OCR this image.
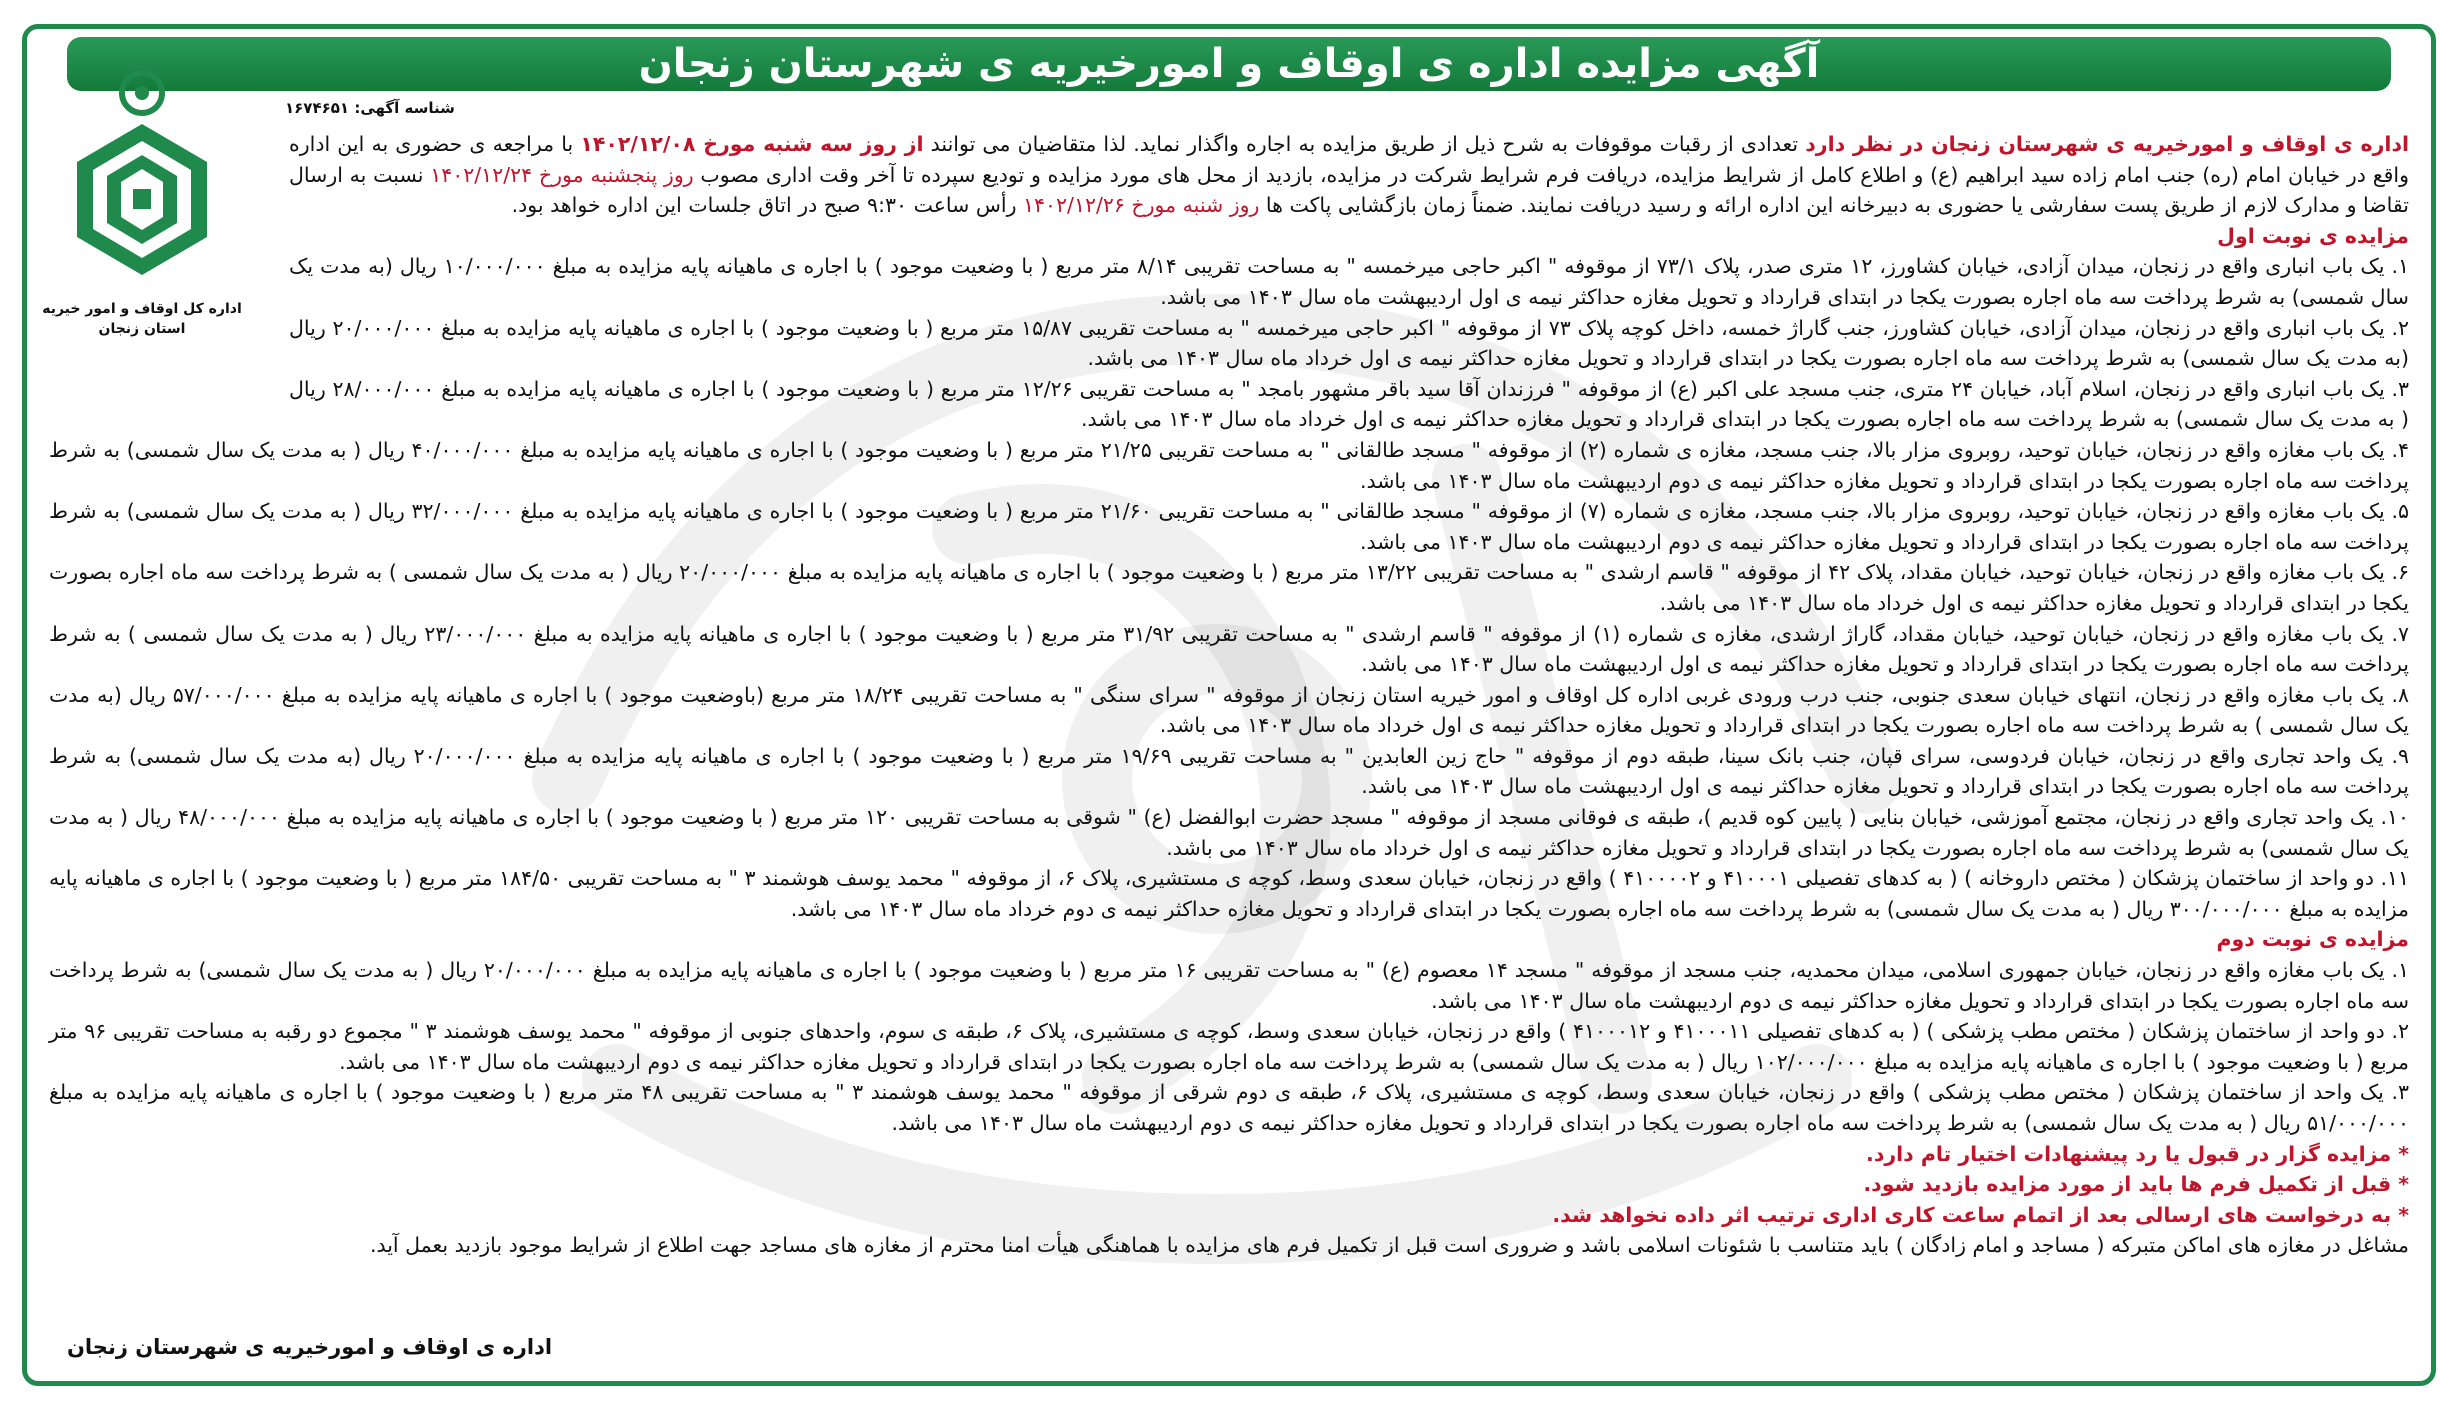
آگهی مزایده اداره ی اوقاف و امورخیریه ی شهرستان زنجان
شناسه آگهی: ۱۶۷۴۶۵۱
اداره کل اوقاف و امور خیریه
استان زنجان

اداره ی اوقاف و امورخیریه ی شهرستان زنجان در نظر دارد تعدادی از رقبات موقوفات به شرح ذیل از طریق مزایده به اجاره واگذار نماید. لذا متقاضیان می توانند از روز سه شنبه مورخ ۱۴۰۲/۱۲/۰۸ با مراجعه ی حضوری به این اداره واقع در خیابان امام (ره) جنب امام زاده سید ابراهیم (ع) و اطلاع کامل از شرایط مزایده، دریافت فرم شرایط شرکت در مزایده، بازدید از محل های مورد مزایده و تودیع سپرده تا آخر وقت اداری مصوب روز پنجشنبه مورخ ۱۴۰۲/۱۲/۲۴ نسبت به ارسال تقاضا و مدارک لازم از طریق پست سفارشی یا حضوری به دبیرخانه این اداره ارائه و رسید دریافت نمایند. ضمناً زمان بازگشایی پاکت ها روز شنبه مورخ ۱۴۰۲/۱۲/۲۶ رأس ساعت ۹:۳۰ صبح در اتاق جلسات این اداره خواهد بود.

مزایده ی نوبت اول

۱. یک باب انباری واقع در زنجان، میدان آزادی، خیابان کشاورز، ۱۲ متری صدر، پلاک ۷۳/۱ از موقوفه " اکبر حاجی میرخمسه " به مساحت تقریبی ۸/۱۴ متر مربع ( با وضعیت موجود ) با اجاره ی ماهیانه پایه مزایده به مبلغ ۱۰/۰۰۰/۰۰۰ ریال (به مدت یک سال شمسی) به شرط پرداخت سه ماه اجاره بصورت یکجا در ابتدای قرارداد و تحویل مغازه حداکثر نیمه ی اول اردیبهشت ماه سال ۱۴۰۳ می باشد.

۲. یک باب انباری واقع در زنجان، میدان آزادی، خیابان کشاورز، جنب گاراژ خمسه، داخل کوچه پلاک ۷۳ از موقوفه " اکبر حاجی میرخمسه " به مساحت تقریبی ۱۵/۸۷ متر مربع ( با وضعیت موجود ) با اجاره ی ماهیانه پایه مزایده به مبلغ ۲۰/۰۰۰/۰۰۰ ریال (به مدت یک سال شمسی) به شرط پرداخت سه ماه اجاره بصورت یکجا در ابتدای قرارداد و تحویل مغازه حداکثر نیمه ی اول خرداد ماه سال ۱۴۰۳ می باشد.

۳. یک باب انباری واقع در زنجان، اسلام آباد، خیابان ۲۴ متری، جنب مسجد علی اکبر (ع) از موقوفه " فرزندان آقا سید باقر مشهور بامجد " به مساحت تقریبی ۱۲/۲۶ متر مربع ( با وضعیت موجود ) با اجاره ی ماهیانه پایه مزایده به مبلغ ۲۸/۰۰۰/۰۰۰ ریال ( به مدت یک سال شمسی) به شرط پرداخت سه ماه اجاره بصورت یکجا در ابتدای قرارداد و تحویل مغازه حداکثر نیمه ی اول خرداد ماه سال ۱۴۰۳ می باشد.

۴. یک باب مغازه واقع در زنجان، خیابان توحید، روبروی مزار بالا، جنب مسجد، مغازه ی شماره (۲) از موقوفه " مسجد طالقانی " به مساحت تقریبی ۲۱/۲۵ متر مربع ( با وضعیت موجود ) با اجاره ی ماهیانه پایه مزایده به مبلغ ۴۰/۰۰۰/۰۰۰ ریال ( به مدت یک سال شمسی) به شرط پرداخت سه ماه اجاره بصورت یکجا در ابتدای قرارداد و تحویل مغازه حداکثر نیمه ی دوم اردیبهشت ماه سال ۱۴۰۳ می باشد.

۵. یک باب مغازه واقع در زنجان، خیابان توحید، روبروی مزار بالا، جنب مسجد، مغازه ی شماره (۷) از موقوفه " مسجد طالقانی " به مساحت تقریبی ۲۱/۶۰ متر مربع ( با وضعیت موجود ) با اجاره ی ماهیانه پایه مزایده به مبلغ ۳۲/۰۰۰/۰۰۰ ریال ( به مدت یک سال شمسی) به شرط پرداخت سه ماه اجاره بصورت یکجا در ابتدای قرارداد و تحویل مغازه حداکثر نیمه ی دوم اردیبهشت ماه سال ۱۴۰۳ می باشد.

۶. یک باب مغازه واقع در زنجان، خیابان توحید، خیابان مقداد، پلاک ۴۲ از موقوفه " قاسم ارشدی " به مساحت تقریبی ۱۳/۲۲ متر مربع ( با وضعیت موجود ) با اجاره ی ماهیانه پایه مزایده به مبلغ ۲۰/۰۰۰/۰۰۰ ریال ( به مدت یک سال شمسی ) به شرط پرداخت سه ماه اجاره بصورت یکجا در ابتدای قرارداد و تحویل مغازه حداکثر نیمه ی اول خرداد ماه سال ۱۴۰۳ می باشد.

۷. یک باب مغازه واقع در زنجان، خیابان توحید، خیابان مقداد، گاراژ ارشدی، مغازه ی شماره (۱) از موقوفه " قاسم ارشدی " به مساحت تقریبی ۳۱/۹۲ متر مربع ( با وضعیت موجود ) با اجاره ی ماهیانه پایه مزایده به مبلغ ۲۳/۰۰۰/۰۰۰ ریال ( به مدت یک سال شمسی ) به شرط پرداخت سه ماه اجاره بصورت یکجا در ابتدای قرارداد و تحویل مغازه حداکثر نیمه ی اول اردیبهشت ماه سال ۱۴۰۳ می باشد.

۸. یک باب مغازه واقع در زنجان، انتهای خیابان سعدی جنوبی، جنب درب ورودی غربی اداره کل اوقاف و امور خیریه استان زنجان از موقوفه " سرای سنگی " به مساحت تقریبی ۱۸/۲۴ متر مربع (باوضعیت موجود ) با اجاره ی ماهیانه پایه مزایده به مبلغ ۵۷/۰۰۰/۰۰۰ ریال (به مدت یک سال شمسی ) به شرط پرداخت سه ماه اجاره بصورت یکجا در ابتدای قرارداد و تحویل مغازه حداکثر نیمه ی اول خرداد ماه سال ۱۴۰۳ می باشد.

۹. یک واحد تجاری واقع در زنجان، خیابان فردوسی، سرای قپان، جنب بانک سینا، طبقه دوم از موقوفه " حاج زین العابدین " به مساحت تقریبی ۱۹/۶۹ متر مربع ( با وضعیت موجود ) با اجاره ی ماهیانه پایه مزایده به مبلغ ۲۰/۰۰۰/۰۰۰ ریال (به مدت یک سال شمسی) به شرط پرداخت سه ماه اجاره بصورت یکجا در ابتدای قرارداد و تحویل مغازه حداکثر نیمه ی اول اردیبهشت ماه سال ۱۴۰۳ می باشد.

۱۰. یک واحد تجاری واقع در زنجان، مجتمع آموزشی، خیابان بنایی ( پایین کوه قدیم )، طبقه ی فوقانی مسجد از موقوفه " مسجد حضرت ابوالفضل (ع) " شوقی به مساحت تقریبی ۱۲۰ متر مربع ( با وضعیت موجود ) با اجاره ی ماهیانه پایه مزایده به مبلغ ۴۸/۰۰۰/۰۰۰ ریال ( به مدت یک سال شمسی) به شرط پرداخت سه ماه اجاره بصورت یکجا در ابتدای قرارداد و تحویل مغازه حداکثر نیمه ی اول خرداد ماه سال ۱۴۰۳ می باشد.

۱۱. دو واحد از ساختمان پزشکان ( مختص داروخانه ) ( به کدهای تفصیلی ۴۱۰۰۰۱ و ۴۱۰۰۰۰۲ ) واقع در زنجان، خیابان سعدی وسط، کوچه ی مستشیری، پلاک ۶، از موقوفه " محمد یوسف هوشمند ۳ " به مساحت تقریبی ۱۸۴/۵۰ متر مربع ( با وضعیت موجود ) با اجاره ی ماهیانه پایه مزایده به مبلغ ۳۰۰/۰۰۰/۰۰۰ ریال ( به مدت یک سال شمسی) به شرط پرداخت سه ماه اجاره بصورت یکجا در ابتدای قرارداد و تحویل مغازه حداکثر نیمه ی دوم خرداد ماه سال ۱۴۰۳ می باشد.

مزایده ی نوبت دوم

۱. یک باب مغازه واقع در زنجان، خیابان جمهوری اسلامی، میدان محمدیه، جنب مسجد از موقوفه " مسجد ۱۴ معصوم (ع) " به مساحت تقریبی ۱۶ متر مربع ( با وضعیت موجود ) با اجاره ی ماهیانه پایه مزایده به مبلغ ۲۰/۰۰۰/۰۰۰ ریال ( به مدت یک سال شمسی) به شرط پرداخت سه ماه اجاره بصورت یکجا در ابتدای قرارداد و تحویل مغازه حداکثر نیمه ی دوم اردیبهشت ماه سال ۱۴۰۳ می باشد.

۲. دو واحد از ساختمان پزشکان ( مختص مطب پزشکی ) ( به کدهای تفصیلی ۴۱۰۰۰۱۱ و ۴۱۰۰۰۱۲ ) واقع در زنجان، خیابان سعدی وسط، کوچه ی مستشیری، پلاک ۶، طبقه ی سوم، واحدهای جنوبی از موقوفه " محمد یوسف هوشمند ۳ " مجموع دو رقبه به مساحت تقریبی ۹۶ متر مربع ( با وضعیت موجود ) با اجاره ی ماهیانه پایه مزایده به مبلغ ۱۰۲/۰۰۰/۰۰۰ ریال ( به مدت یک سال شمسی) به شرط پرداخت سه ماه اجاره بصورت یکجا در ابتدای قرارداد و تحویل مغازه حداکثر نیمه ی دوم اردیبهشت ماه سال ۱۴۰۳ می باشد.

۳. یک واحد از ساختمان پزشکان ( مختص مطب پزشکی ) واقع در زنجان، خیابان سعدی وسط، کوچه ی مستشیری، پلاک ۶، طبقه ی دوم شرقی از موقوفه " محمد یوسف هوشمند ۳ " به مساحت تقریبی ۴۸ متر مربع ( با وضعیت موجود ) با اجاره ی ماهیانه پایه مزایده به مبلغ ۵۱/۰۰۰/۰۰۰ ریال ( به مدت یک سال شمسی) به شرط پرداخت سه ماه اجاره بصورت یکجا در ابتدای قرارداد و تحویل مغازه حداکثر نیمه ی دوم اردیبهشت ماه سال ۱۴۰۳ می باشد.

* مزایده گزار در قبول یا رد پیشنهادات اختیار تام دارد.

* قبل از تکمیل فرم ها باید از مورد مزایده بازدید شود.

* به درخواست های ارسالی بعد از اتمام ساعت کاری اداری ترتیب اثر داده نخواهد شد.

مشاغل در مغازه های اماکن متبرکه ( مساجد و امام زادگان ) باید متناسب با شئونات اسلامی باشد و ضروری است قبل از تکمیل فرم های مزایده با هماهنگی هیأت امنا محترم از مغازه های مساجد جهت اطلاع از شرایط موجود بازدید بعمل آید.

اداره ی اوقاف و امورخیریه ی شهرستان زنجان
